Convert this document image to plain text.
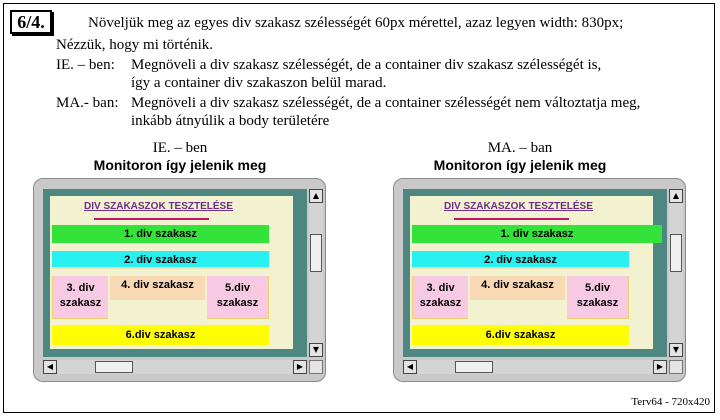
6/4.	Növeljük meg az egyes div szakasz szélességét 60px mérettel, azaz legyen width: 830px;
Nézzük, hogy mi történik.
IE. – ben: Megnöveli a div szakasz szélességét, de a container div szakasz szélességét is,
így a container div szakaszon belül marad.
MA.- ban: Megnöveli a div szakasz szélességét, de a container szélességét nem változtatja meg,
inkább átnyúlik a body területére
IE. – ben
Monitoron így jelenik meg
MA. – ban
Monitoron így jelenik meg
DIV SZAKASZOK TESZTELÉSE
1. div szakasz
2. div szakasz
3. div
szakasz
4. div szakasz	5.div
szakasz
6.div szakasz
▲
▼
◀	▶
DIV SZAKASZOK TESZTELÉSE
6.div szakasz
2. div szakasz
3. div
szakasz
4. div szakasz	5.div
szakasz
1. div szakasz
▲
▼
◀	▶
Terv64 - 720x420
